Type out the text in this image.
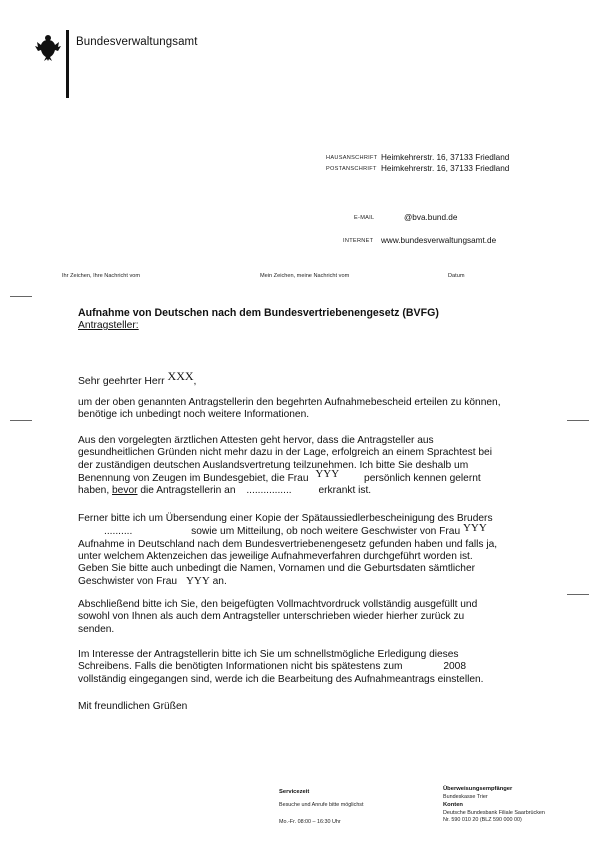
Bundesverwaltungsamt
HAUSANSCHRIFT Heimkehrerstr. 16, 37133 Friedland
POSTANSCHRIFT Heimkehrerstr. 16, 37133 Friedland
E-MAIL	@bva.bund.de
INTERNET www.bundesverwaltungsamt.de
Ihr Zeichen, Ihre Nachricht vom	Mein Zeichen, meine Nachricht vom	Datum
Aufnahme von Deutschen nach dem Bundesvertriebenengesetz (BVFG)
Antragsteller:
Sehr geehrter Herr XXX,
um der oben genannten Antragstellerin den begehrten Aufnahmebescheid erteilen zu können,
benötige ich unbedingt noch weitere Informationen.
Aus den vorgelegten ärztlichen Attesten geht hervor, dass die Antragsteller aus
gesundheitlichen Gründen nicht mehr dazu in der Lage, erfolgreich an einem Sprachtest bei
der zuständigen deutschen Auslandsvertretung teilzunehmen. Ich bitte Sie deshalb um
Benennung von Zeugen im Bundesgebiet, die Frau YYY persönlich kennen gelernt
haben, bevor die Antragstellerin an ................	erkrankt ist.
Ferner bitte ich um Übersendung einer Kopie der Spätaussiedlerbescheinigung des Bruders
..........	sowie um Mitteilung, ob noch weitere Geschwister von Frau YYY
Aufnahme in Deutschland nach dem Bundesvertriebenengesetz gefunden haben und falls ja,
unter welchem Aktenzeichen das jeweilige Aufnahmeverfahren durchgeführt worden ist.
Geben Sie bitte auch unbedingt die Namen, Vornamen und die Geburtsdaten sämtlicher
Geschwister von Frau YYY an.
Abschließend bitte ich Sie, den beigefügten Vollmachtvordruck vollständig ausgefüllt und
sowohl von Ihnen als auch dem Antragsteller unterschrieben wieder hierher zurück zu
senden.
Im Interesse der Antragstellerin bitte ich Sie um schnellstmögliche Erledigung dieses
Schreibens. Falls die benötigten Informationen nicht bis spätestens zum	2008
vollständig eingegangen sind, werde ich die Bearbeitung des Aufnahmeantrags einstellen.
Mit freundlichen Grüßen
Servicezeit
Besuche und Anrufe bitte möglichst
Mo.-Fr. 08:00 – 16:30 Uhr
Überweisungsempfänger
Bundeskasse Trier
Konten
Deutsche Bundesbank Filiale Saarbrücken
Nr. 590 010 20 (BLZ 590 000 00)
